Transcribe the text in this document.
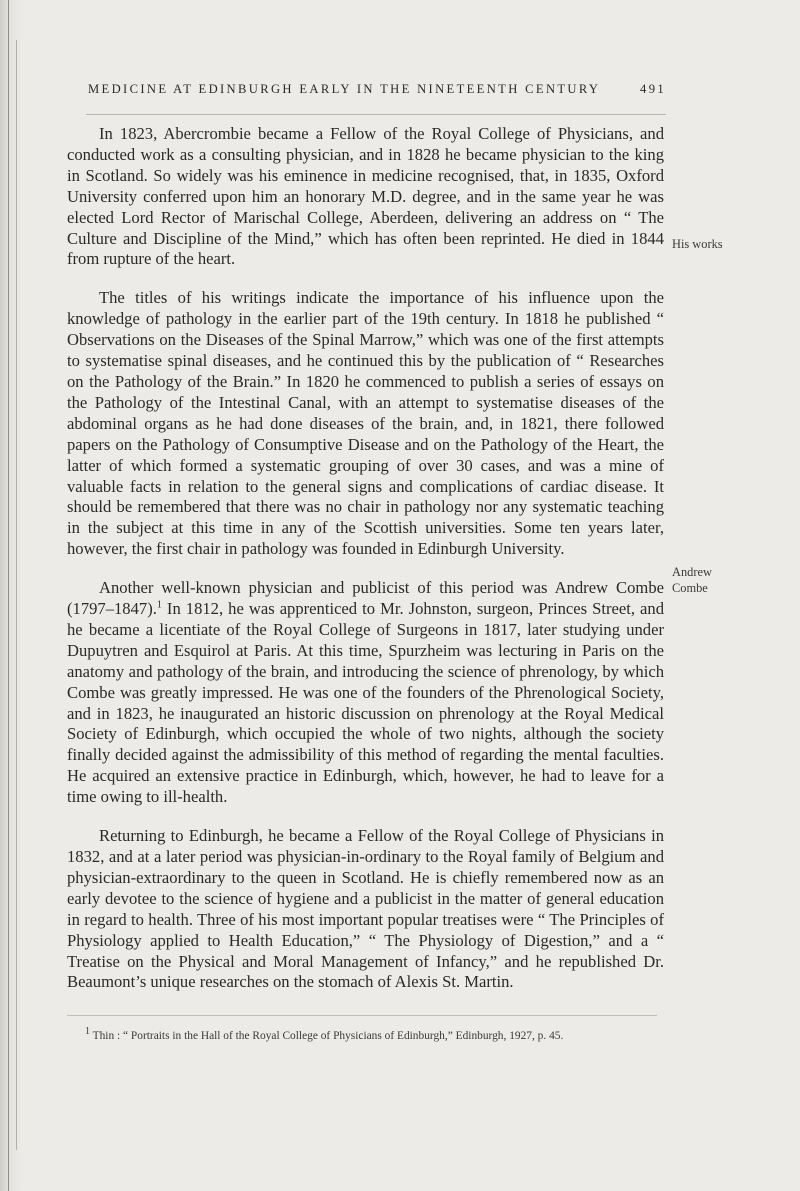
MEDICINE AT EDINBURGH EARLY IN THE NINETEENTH CENTURY	491

In 1823, Abercrombie became a Fellow of the Royal College of Physicians, and conducted work as a consulting physician, and in 1828 he became physician to the king in Scotland. So widely was his eminence in medicine recognised, that, in 1835, Oxford University conferred upon him an honorary M.D. degree, and in the same year he was elected Lord Rector of Marischal College, Aberdeen, delivering an address on “ The Culture and Discipline of the Mind,” which has often been reprinted. He died in 1844 from rupture of the heart.

The titles of his writings indicate the importance of his influence upon the knowledge of pathology in the earlier part of the 19th century. In 1818 he published “ Observations on the Diseases of the Spinal Marrow,” which was one of the first attempts to systematise spinal diseases, and he continued this by the publication of “ Researches on the Pathology of the Brain.” In 1820 he commenced to publish a series of essays on the Pathology of the Intestinal Canal, with an attempt to systematise diseases of the abdominal organs as he had done diseases of the brain, and, in 1821, there followed papers on the Pathology of Consumptive Disease and on the Pathology of the Heart, the latter of which formed a systematic grouping of over 30 cases, and was a mine of valuable facts in relation to the general signs and complications of cardiac disease. It should be remembered that there was no chair in pathology nor any systematic teaching in the subject at this time in any of the Scottish universities. Some ten years later, however, the first chair in pathology was founded in Edinburgh University.

Another well-known physician and publicist of this period was Andrew Combe (1797–1847).$^1$ In 1812, he was apprenticed to Mr. Johnston, surgeon, Princes Street, and he became a licentiate of the Royal College of Surgeons in 1817, later studying under Dupuytren and Esquirol at Paris. At this time, Spurzheim was lecturing in Paris on the anatomy and pathology of the brain, and introducing the science of phrenology, by which Combe was greatly impressed. He was one of the founders of the Phrenological Society, and in 1823, he inaugurated an historic discussion on phrenology at the Royal Medical Society of Edinburgh, which occupied the whole of two nights, although the society finally decided against the admissibility of this method of regarding the mental faculties. He acquired an extensive practice in Edinburgh, which, however, he had to leave for a time owing to ill-health.

Returning to Edinburgh, he became a Fellow of the Royal College of Physicians in 1832, and at a later period was physician-in-ordinary to the Royal family of Belgium and physician-extraordinary to the queen in Scotland. He is chiefly remembered now as an early devotee to the science of hygiene and a publicist in the matter of general education in regard to health. Three of his most important popular treatises were “ The Principles of Physiology applied to Health Education,” “ The Physiology of Digestion,” and a “ Treatise on the Physical and Moral Management of Infancy,” and he republished Dr. Beaumont’s unique researches on the stomach of Alexis St. Martin.

His works
Andrew
Combe
$^1$ Thin : “ Portraits in the Hall of the Royal College of Physicians of Edinburgh,” Edinburgh, 1927, p. 45.
